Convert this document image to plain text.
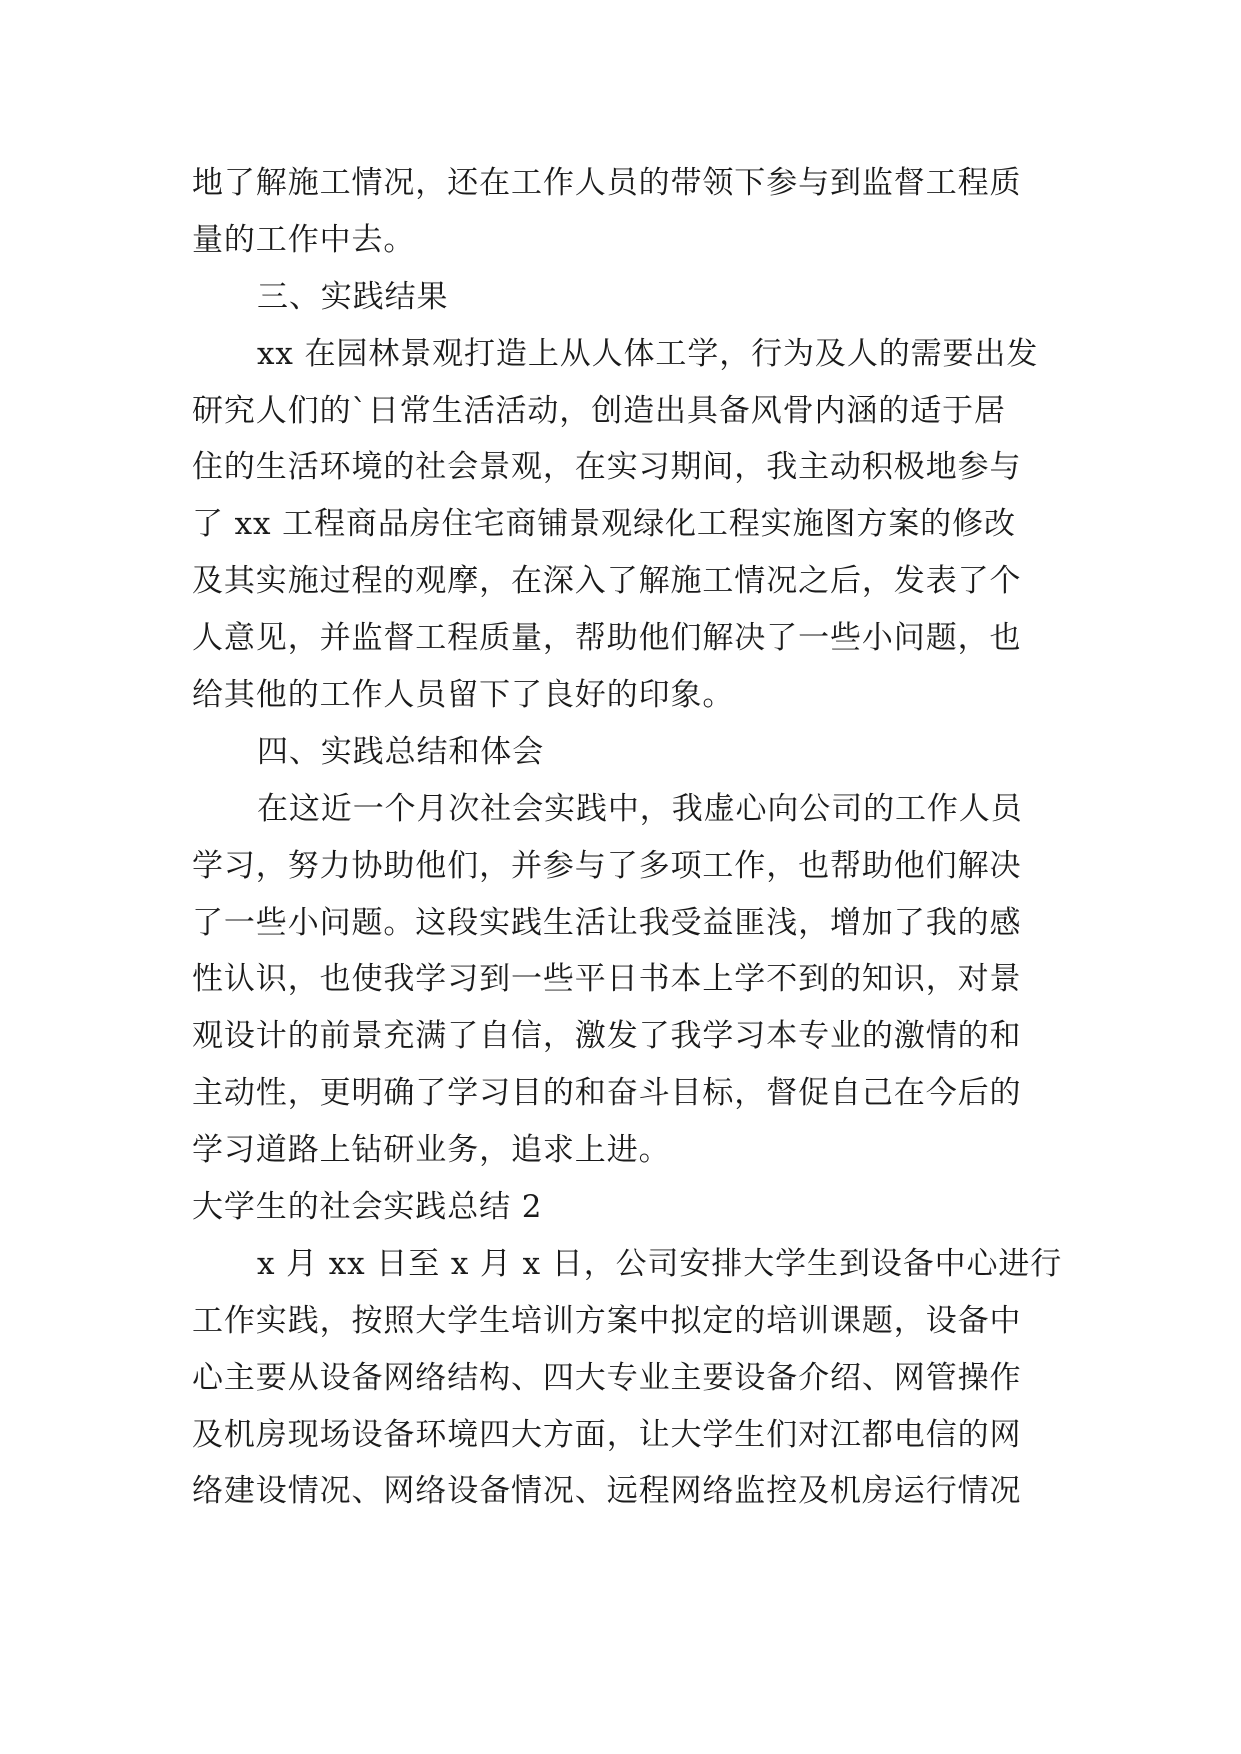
地了解施工情况，还在工作人员的带领下参与到监督工程质
量的工作中去。
三、实践结果
xx 在园林景观打造上从人体工学，行为及人的需要出发
研究人们的`日常生活活动，创造出具备风骨内涵的适于居
住的生活环境的社会景观，在实习期间，我主动积极地参与
了 xx 工程商品房住宅商铺景观绿化工程实施图方案的修改
及其实施过程的观摩，在深入了解施工情况之后，发表了个
人意见，并监督工程质量，帮助他们解决了一些小问题，也
给其他的工作人员留下了良好的印象。
四、实践总结和体会
在这近一个月次社会实践中，我虚心向公司的工作人员
学习，努力协助他们，并参与了多项工作，也帮助他们解决
了一些小问题。这段实践生活让我受益匪浅，增加了我的感
性认识，也使我学习到一些平日书本上学不到的知识，对景
观设计的前景充满了自信，激发了我学习本专业的激情的和
主动性，更明确了学习目的和奋斗目标，督促自己在今后的
学习道路上钻研业务，追求上进。
大学生的社会实践总结 2
x 月 xx 日至 x 月 x 日，公司安排大学生到设备中心进行
工作实践，按照大学生培训方案中拟定的培训课题，设备中
心主要从设备网络结构、四大专业主要设备介绍、网管操作
及机房现场设备环境四大方面，让大学生们对江都电信的网
络建设情况、网络设备情况、远程网络监控及机房运行情况
